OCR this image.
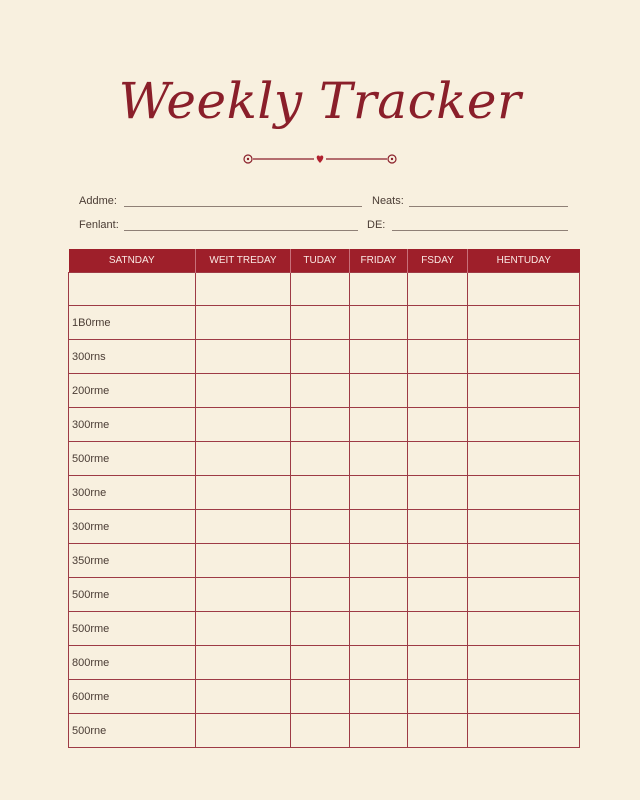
Weekly Tracker
Addme:	Neats:
Fenlant:	DE:
SATNDAY	WEIT TREDAY	TUDAY	FRIDAY	FSDAY	HENTUDAY

1B0rme					
300rns					
200rme					
300rme					
500rme					
300rne					
300rme					
350rme					
500rme					
500rme					
800rme					
600rme					
500rne					
